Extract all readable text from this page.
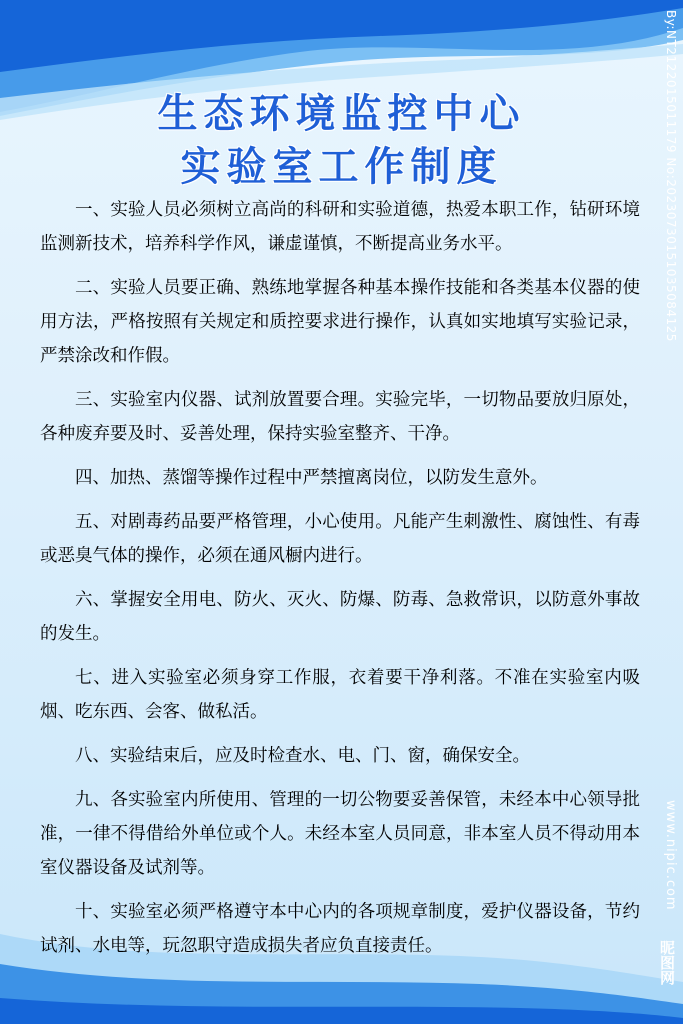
生态环境监控中心
实验室工作制度

一、实验人员必须树立高尚的科研和实验道德，热爱本职工作，钻研环境监测新技术，培养科学作风，谦虚谨慎，不断提高业务水平。

二、实验人员要正确、熟练地掌握各种基本操作技能和各类基本仪器的使用方法，严格按照有关规定和质控要求进行操作，认真如实地填写实验记录，严禁涂改和作假。

三、实验室内仪器、试剂放置要合理。实验完毕，一切物品要放归原处，各种废弃要及时、妥善处理，保持实验室整齐、干净。

四、加热、蒸馏等操作过程中严禁擅离岗位，以防发生意外。

五、对剧毒药品要严格管理，小心使用。凡能产生刺激性、腐蚀性、有毒或恶臭气体的操作，必须在通风橱内进行。

六、掌握安全用电、防火、灭火、防爆、防毒、急救常识，以防意外事故的发生。

七、进入实验室必须身穿工作服，衣着要干净利落。不准在实验室内吸烟、吃东西、会客、做私活。

八、实验结束后，应及时检查水、电、门、窗，确保安全。

九、各实验室内所使用、管理的一切公物要妥善保管，未经本中心领导批准，一律不得借给外单位或个人。未经本室人员同意，非本室人员不得动用本室仪器设备及试剂等。

十、实验室必须严格遵守本中心内的各项规章制度，爱护仪器设备，节约试剂、水电等，玩忽职守造成损失者应负直接责任。

By:NT2122015011179 No:20230730151035084125
www.nipic.com
昵图网
